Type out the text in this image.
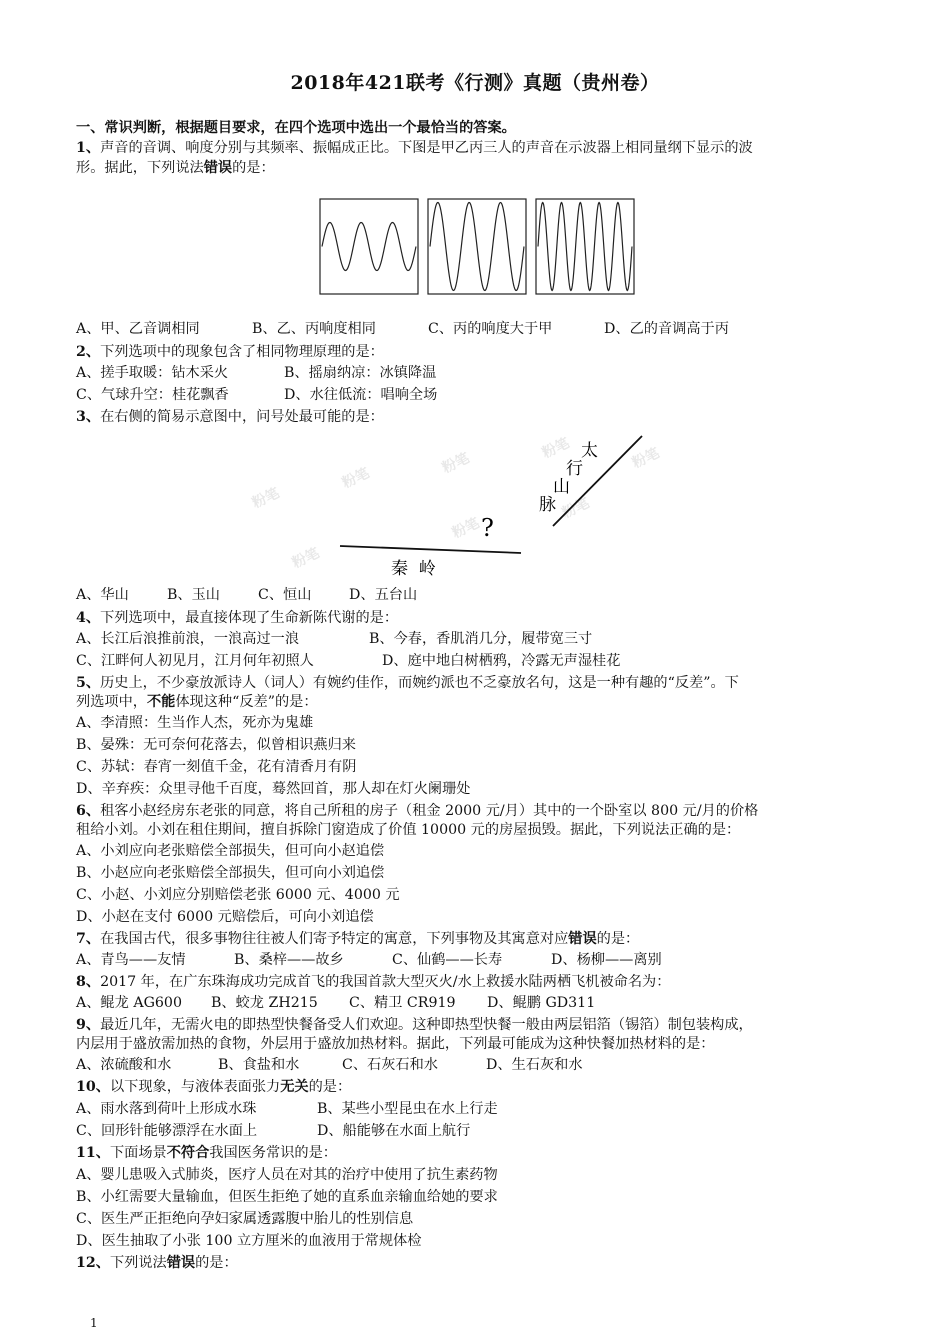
2018年421联考《行测》真题（贵州卷）
一、常识判断，根据题目要求，在四个选项中选出一个最恰当的答案。
1、声音的音调、响度分别与其频率、振幅成正比。下图是甲乙丙三人的声音在示波器上相同量纲下显示的波
形。据此，下列说法错误的是：
A、甲、乙音调相同	B、乙、丙响度相同	C、丙的响度大于甲	D、乙的音调高于丙
2、下列选项中的现象包含了相同物理原理的是：
A、搓手取暖：钻木采火	B、摇扇纳凉：冰镇降温
C、气球升空：桂花飘香	D、水往低流：唱响全场
3、在右侧的简易示意图中，问号处最可能的是：
粉笔
粉笔
粉笔
粉笔	粉笔
粉笔
粉笔
粉笔
太
行
山
脉
?
秦  岭
A、华山	B、玉山	C、恒山	D、五台山
4、下列选项中，最直接体现了生命新陈代谢的是：
A、长江后浪推前浪，一浪高过一浪	B、今春，香肌消几分，履带宽三寸
C、江畔何人初见月，江月何年初照人	D、庭中地白树栖鸦，冷露无声湿桂花
5、历史上，不少豪放派诗人（词人）有婉约佳作，而婉约派也不乏豪放名句，这是一种有趣的“反差”。下
列选项中，不能体现这种“反差”的是：
A、李清照：生当作人杰，死亦为鬼雄
B、晏殊：无可奈何花落去，似曾相识燕归来
C、苏轼：春宵一刻值千金，花有清香月有阴
D、辛弃疾：众里寻他千百度，蓦然回首，那人却在灯火阑珊处
6、租客小赵经房东老张的同意，将自己所租的房子（租金 2000 元/月）其中的一个卧室以 800 元/月的价格
租给小刘。小刘在租住期间，擅自拆除门窗造成了价值 10000 元的房屋损毁。据此，下列说法正确的是：
A、小刘应向老张赔偿全部损失，但可向小赵追偿
B、小赵应向老张赔偿全部损失，但可向小刘追偿
C、小赵、小刘应分别赔偿老张 6000 元、4000 元
D、小赵在支付 6000 元赔偿后，可向小刘追偿
7、在我国古代，很多事物往往被人们寄予特定的寓意，下列事物及其寓意对应错误的是：
A、青鸟——友情	B、桑梓——故乡	C、仙鹤——长寿	D、杨柳——离别
8、2017 年，在广东珠海成功完成首飞的我国首款大型灭火/水上救援水陆两栖飞机被命名为：
A、鲲龙 AG600 B、蛟龙 ZH215 C、精卫 CR919 D、鲲鹏 GD311
9、最近几年，无需火电的即热型快餐备受人们欢迎。这种即热型快餐一般由两层铝箔（锡箔）制包装构成，
内层用于盛放需加热的食物，外层用于盛放加热材料。据此，下列最可能成为这种快餐加热材料的是：
A、浓硫酸和水	B、食盐和水	C、石灰石和水	D、生石灰和水
10、以下现象，与液体表面张力无关的是：
A、雨水落到荷叶上形成水珠	B、某些小型昆虫在水上行走
C、回形针能够漂浮在水面上	D、船能够在水面上航行
11、下面场景不符合我国医务常识的是：
A、婴儿患吸入式肺炎，医疗人员在对其的治疗中使用了抗生素药物
B、小红需要大量输血，但医生拒绝了她的直系血亲输血给她的要求
C、医生严正拒绝向孕妇家属透露腹中胎儿的性别信息
D、医生抽取了小张 100 立方厘米的血液用于常规体检
12、下列说法错误的是：
1
